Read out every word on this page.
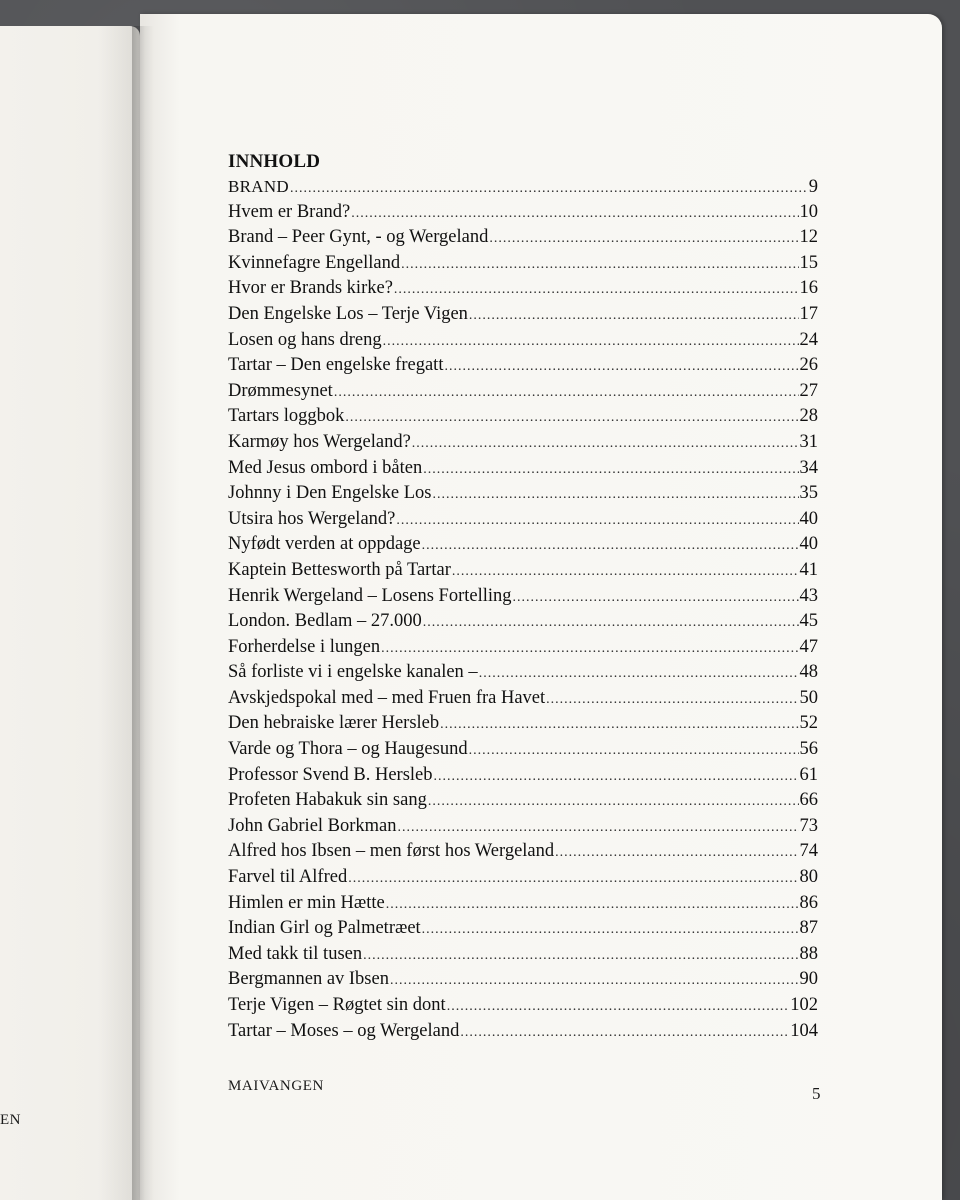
EN
INNHOLD
BRAND .....	9
Hvem er Brand? .....	10
Brand – Peer Gynt, - og Wergeland .....	12
Kvinnefagre Engelland .....	15
Hvor er Brands kirke? .....	16
Den Engelske Los – Terje Vigen .....	17
Losen og hans dreng .....	24
Tartar – Den engelske fregatt .....	26
Drømmesynet .....	27
Tartars loggbok .....	28
Karmøy hos Wergeland? .....	31
Med Jesus ombord i båten .....	34
Johnny i Den Engelske Los .....	35
Utsira hos Wergeland? .....	40
Nyfødt verden at oppdage .....	40
Kaptein Bettesworth på Tartar .....	41
Henrik Wergeland – Losens Fortelling .....	43
London. Bedlam – 27.000 .....	45
Forherdelse i lungen .....	47
Så forliste vi i engelske kanalen – .....	48
Avskjedspokal med – med Fruen fra Havet .....	50
Den hebraiske lærer Hersleb .....	52
Varde og Thora – og Haugesund .....	56
Professor Svend B. Hersleb .....	61
Profeten Habakuk sin sang .....	66
John Gabriel Borkman .....	73
Alfred hos Ibsen – men først hos Wergeland .....	74
Farvel til Alfred .....	80
Himlen er min Hætte .....	86
Indian Girl og Palmetræet .....	87
Med takk til tusen .....	88
Bergmannen av Ibsen .....	90
Terje Vigen – Røgtet sin dont .....	102
Tartar – Moses – og Wergeland .....	104
MAIVANGEN	5
